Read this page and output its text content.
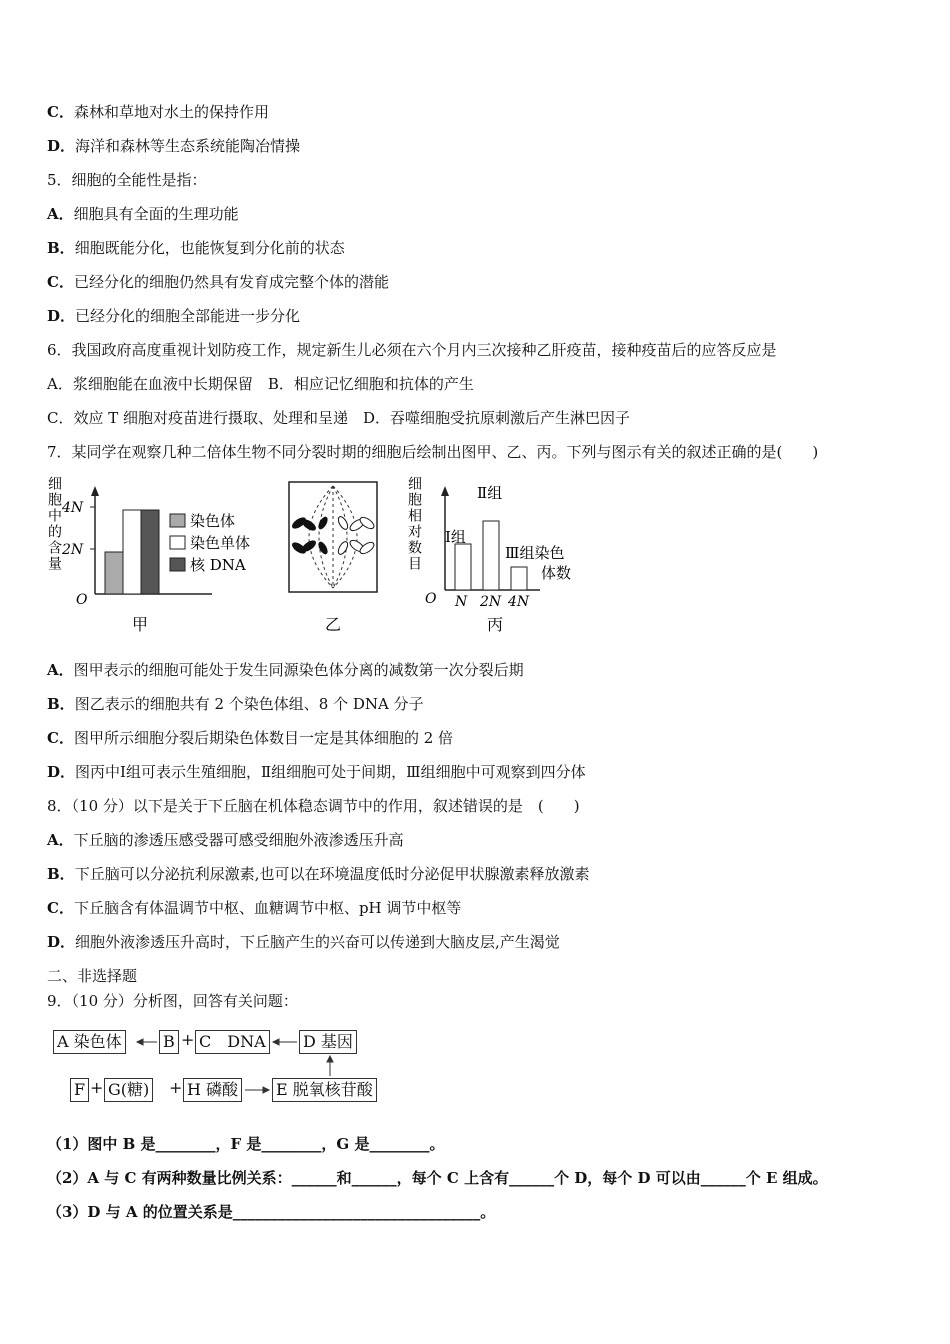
C．森林和草地对水土的保持作用
D．海洋和森林等生态系统能陶冶情操
5．细胞的全能性是指：
A．细胞具有全面的生理功能
B．细胞既能分化，也能恢复到分化前的状态
C．已经分化的细胞仍然具有发育成完整个体的潜能
D．已经分化的细胞全部能进一步分化
6．我国政府高度重视计划防疫工作，规定新生儿必须在六个月内三次接种乙肝疫苗，接种疫苗后的应答反应是
A．浆细胞能在血液中长期保留　B．相应记忆细胞和抗体的产生
C．效应 T 细胞对疫苗进行摄取、处理和呈递　D．吞噬细胞受抗原刺激后产生淋巴因子
7．某同学在观察几种二倍体生物不同分裂时期的细胞后绘制出图甲、乙、丙。下列与图示有关的叙述正确的是(　　)
细胞中的含量 4N
2N
O
染色体
染色单体
核 DNA
甲	乙
细胞相对数目
O
Ⅰ组
Ⅱ组
Ⅲ组染色
体数
N 2N 4N
丙
A．图甲表示的细胞可能处于发生同源染色体分离的减数第一次分裂后期
B．图乙表示的细胞共有 2 个染色体组、8 个 DNA 分子
C．图甲所示细胞分裂后期染色体数目一定是其体细胞的 2 倍
D．图丙中Ⅰ组可表示生殖细胞，Ⅱ组细胞可处于间期，Ⅲ组细胞中可观察到四分体
8．（10 分）以下是关于下丘脑在机体稳态调节中的作用，叙述错误的是　(　　)
A．下丘脑的渗透压感受器可感受细胞外液渗透压升高
B．下丘脑可以分泌抗利尿激素,也可以在环境温度低时分泌促甲状腺激素释放激素
C．下丘脑含有体温调节中枢、血糖调节中枢、pH 调节中枢等
D．细胞外液渗透压升高时，下丘脑产生的兴奋可以传递到大脑皮层,产生渴觉
二、非选择题
9．（10 分）分析图，回答有关问题：
A 染色体	B + C　DNA D 基因
F + G(糖) + H 磷酸 E 脱氧核苷酸
（1）图中 B 是________，F 是________，G 是________。
（2）A 与 C 有两种数量比例关系：______和______，每个 C 上含有______个 D，每个 D 可以由______个 E 组成。
（3）D 与 A 的位置关系是_________________________________。
